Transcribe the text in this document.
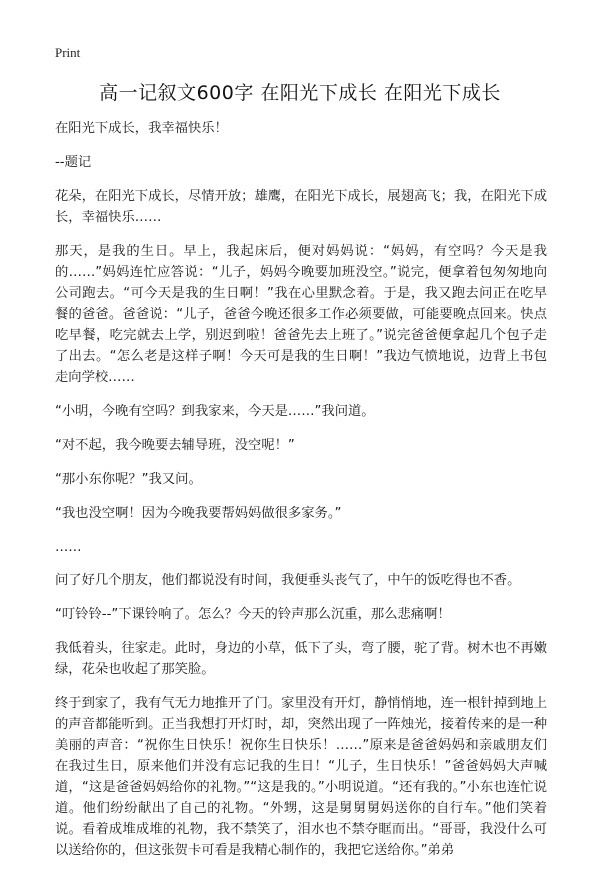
Print
高一记叙文600字 在阳光下成长 在阳光下成长

在阳光下成长，我幸福快乐！

--题记

花朵，在阳光下成长，尽情开放；雄鹰，在阳光下成长，展翅高飞；我，在阳光下成长，幸福快乐……

那天，是我的生日。早上，我起床后，便对妈妈说：“妈妈，有空吗？今天是我的……”妈妈连忙应答说：“儿子，妈妈今晚要加班没空。”说完，便拿着包匆匆地向公司跑去。“可今天是我的生日啊！”我在心里默念着。于是，我又跑去问正在吃早餐的爸爸。爸爸说：“儿子，爸爸今晚还很多工作必须要做，可能要晚点回来。快点吃早餐，吃完就去上学，别迟到啦！爸爸先去上班了。”说完爸爸便拿起几个包子走了出去。“怎么老是这样子啊！今天可是我的生日啊！”我边气愤地说，边背上书包走向学校……

“小明，今晚有空吗？到我家来，今天是……”我问道。

“对不起，我今晚要去辅导班，没空呢！”

“那小东你呢？”我又问。

“我也没空啊！因为今晚我要帮妈妈做很多家务。”

……

问了好几个朋友，他们都说没有时间，我便垂头丧气了，中午的饭吃得也不香。

“叮铃铃--”下课铃响了。怎么？今天的铃声那么沉重，那么悲痛啊！

我低着头，往家走。此时，身边的小草，低下了头，弯了腰，驼了背。树木也不再嫩绿，花朵也收起了那笑脸。

终于到家了，我有气无力地推开了门。家里没有开灯，静悄悄地，连一根针掉到地上的声音都能听到。正当我想打开灯时，却，突然出现了一阵烛光，接着传来的是一种美丽的声音：“祝你生日快乐！祝你生日快乐！……”原来是爸爸妈妈和亲戚朋友们在我过生日，原来他们并没有忘记我的生日！“儿子，生日快乐！”爸爸妈妈大声喊道，“这是爸爸妈妈给你的礼物。”“这是我的。”小明说道。“还有我的。”小东也连忙说道。他们纷纷献出了自己的礼物。“外甥，这是舅舅舅妈送你的自行车。”他们笑着说。看着成堆成堆的礼物，我不禁笑了，泪水也不禁夺眶而出。“哥哥，我没什么可以送给你的，但这张贺卡可看是我精心制作的，我把它送给你。”弟弟
